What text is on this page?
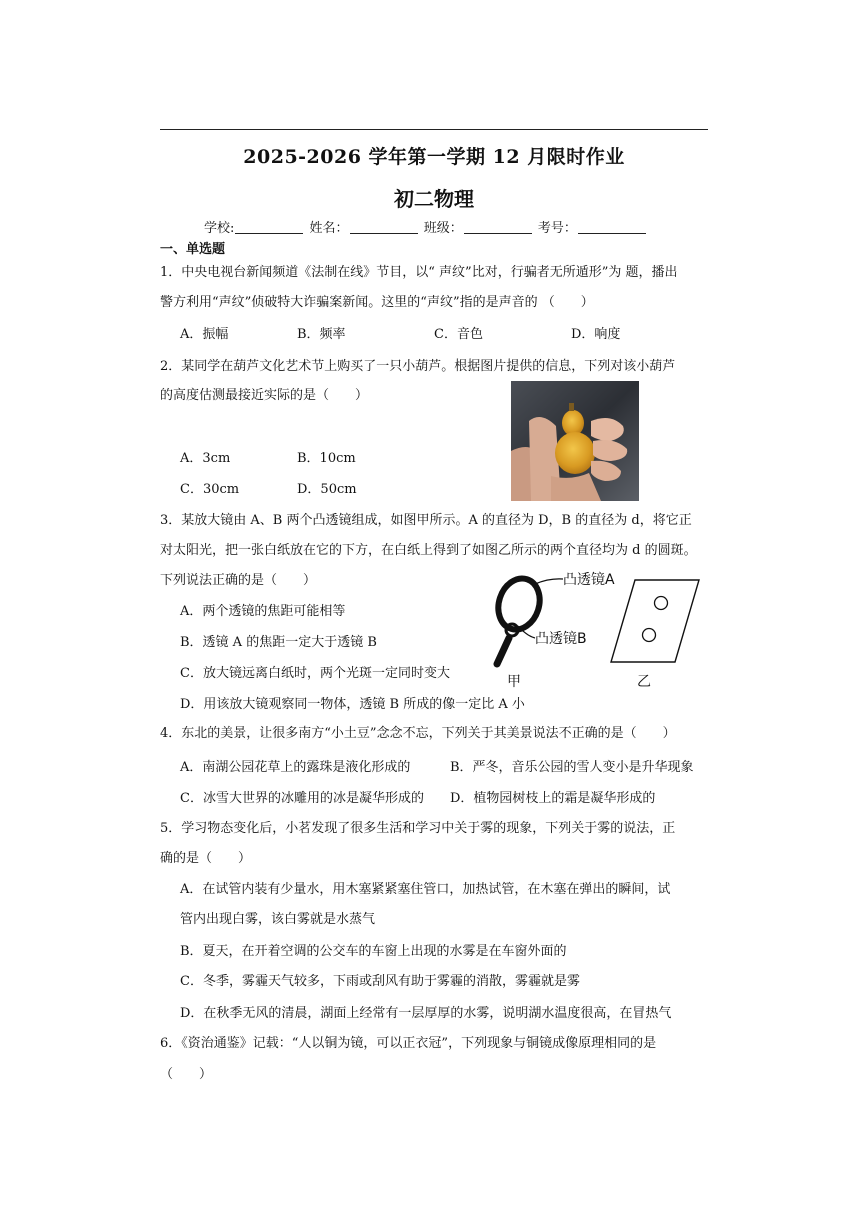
2025-2026 学年第一学期 12 月限时作业
初二物理
学校:	姓名：	班级：	考号：
一、单选题
1．中央电视台新闻频道《法制在线》节目，以“ 声纹”比对，行骗者无所遁形”为 题，播出
警方利用“声纹”侦破特大诈骗案新闻。这里的“声纹”指的是声音的 （　　）
A．振幅	B．频率	C．音色	D．响度
2．某同学在葫芦文化艺术节上购买了一只小葫芦。根据图片提供的信息，下列对该小葫芦
的高度估测最接近实际的是（　　）
A．3cm	B．10cm
C．30cm	D．50cm
3．某放大镜由 A、B 两个凸透镜组成，如图甲所示。A 的直径为 D，B 的直径为 d，将它正
对太阳光，把一张白纸放在它的下方，在白纸上得到了如图乙所示的两个直径均为 d 的圆斑。
下列说法正确的是（　　）
A．两个透镜的焦距可能相等
B．透镜 A 的焦距一定大于透镜 B
C．放大镜远离白纸时，两个光斑一定同时变大
D．用该放大镜观察同一物体，透镜 B 所成的像一定比 A 小
凸透镜A
凸透镜B
甲	乙
4．东北的美景，让很多南方“小土豆”念念不忘，下列关于其美景说法不正确的是（　　）
A．南湖公园花草上的露珠是液化形成的	B．严冬，音乐公园的雪人变小是升华现象
C．冰雪大世界的冰雕用的冰是凝华形成的 D．植物园树枝上的霜是凝华形成的
5．学习物态变化后，小茗发现了很多生活和学习中关于雾的现象，下列关于雾的说法，正
确的是（　　）
A．在试管内装有少量水，用木塞紧紧塞住管口，加热试管，在木塞在弹出的瞬间，试
管内出现白雾，该白雾就是水蒸气
B．夏天，在开着空调的公交车的车窗上出现的水雾是在车窗外面的
C．冬季，雾霾天气较多，下雨或刮风有助于雾霾的消散，雾霾就是雾
D．在秋季无风的清晨，湖面上经常有一层厚厚的水雾，说明湖水温度很高，在冒热气
6．《资治通鉴》记载：“人以铜为镜，可以正衣冠”，下列现象与铜镜成像原理相同的是
（　　）
